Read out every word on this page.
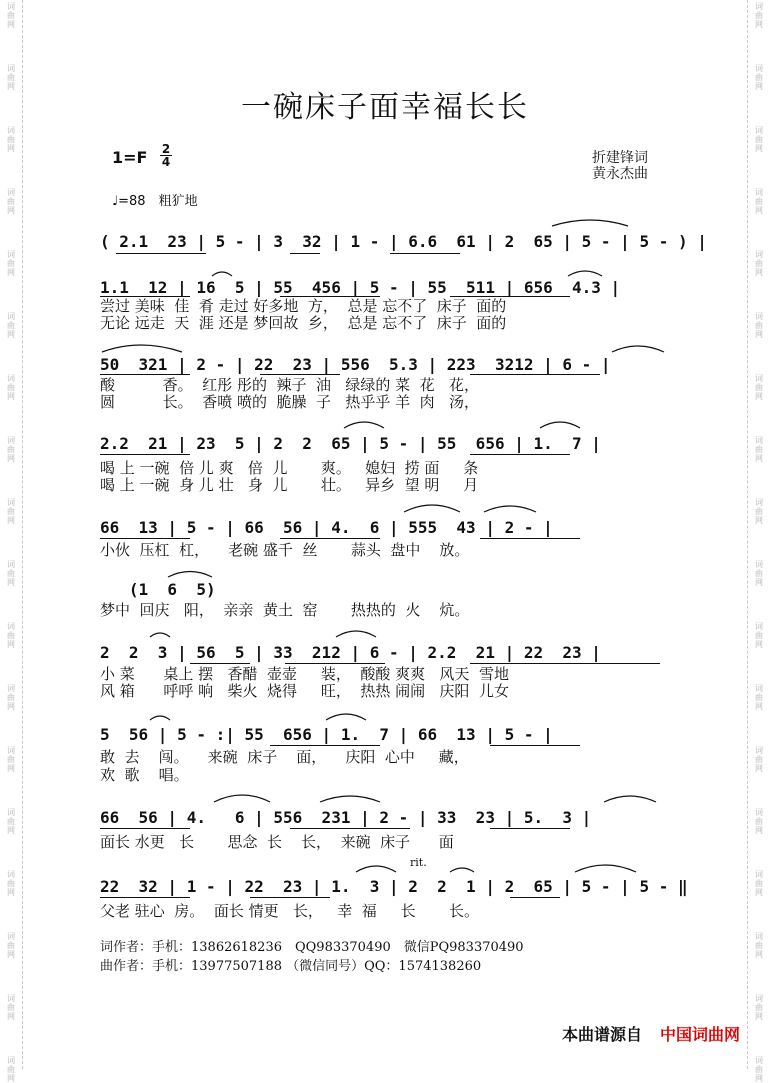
词
曲
网
词
曲
网
词
曲
网
词
曲
网
词
曲
网
词
曲
网
词
曲
网
词
曲
网
词
曲
网
词
曲
网
词
曲
网
词
曲
网
词
曲
网
词
曲
网
词
曲
网
词
曲
网
词
曲
网
词
曲
网
词
曲
网
词
曲
网
词
曲
网
词
曲
网
词
曲
网
词
曲
网
词
曲
网
词
曲
网
词
曲
网
词
曲
网
词
曲
网
词
曲
网
词
曲
网
词
曲
网
词
曲
网
词
曲
网
词
曲
网
词
曲
网
一碗床子面幸福长长
1=F 2
4
♩=88　粗犷地
折建锋词
黄永杰曲
( 2.1  23 | 5 - | 3  32 | 1 - | 6.6  61 | 2  65 | 5 - | 5 - ) |
1.1  12 | 16  5 | 55  456 | 5 - | 55  511 | 656  4.3 |
尝过 美味  佳  肴 走过 好多地  方，  总是 忘不了  床子  面的
无论 远走  天  涯 还是 梦回故  乡，  总是 忘不了  床子  面的
50  321 | 2 - | 22  23 | 556  5.3 | 223  3212 | 6 - |
酸          香。  红彤 彤的  辣子  油   绿绿的 菜  花   花，
圆          长。  香喷 喷的  脆臊  子   热乎乎 羊  肉   汤，
2.2  21 | 23  5 | 2  2  65 | 5 - | 55  656 | 1.  7 |
喝 上 一碗  倍 儿 爽   倍  儿       爽。   媳妇  捞 面     条
喝 上 一碗  身 儿 壮   身  儿       壮。   异乡  望 明     月
66  13 | 5 - | 66  56 | 4.  6 | 555  43 | 2 - |
小伙  压杠  杠，    老碗 盛千  丝       蒜头  盘中    放。
(1  6  5)
梦中  回庆   阳，  亲亲  黄土  窑       热热的  火    炕。
2  2  3 | 56  5 | 33  212 | 6 - | 2.2  21 | 22  23 |
小 菜      桌上 摆   香醋  壶壶     装，  酸酸 爽爽   风天  雪地
风 箱      呼呼 响   柴火  烧得     旺，  热热 闹闹   庆阳  儿女
5  56 | 5 - :| 55  656 | 1.  7 | 66  13 | 5 - |
敢  去    闯。    来碗  床子    面，    庆阳  心中     藏，
欢  歌    唱。
66  56 | 4.   6 | 556  231 | 2 - | 33  23 | 5.  3 |
面长 水更   长       思念  长    长，  来碗  床子      面
rit.
22  32 | 1 - | 22  23 | 1.  3 | 2  2  1 | 2  65 | 5 - | 5 - ‖
父老 驻心  房。  面长 情更   长，   幸  福     长       长。
词作者：手机：13862618236　QQ983370490　微信PQ983370490
曲作者：手机：13977507188 （微信同号）QQ：1574138260
本曲谱源自 中国词曲网
